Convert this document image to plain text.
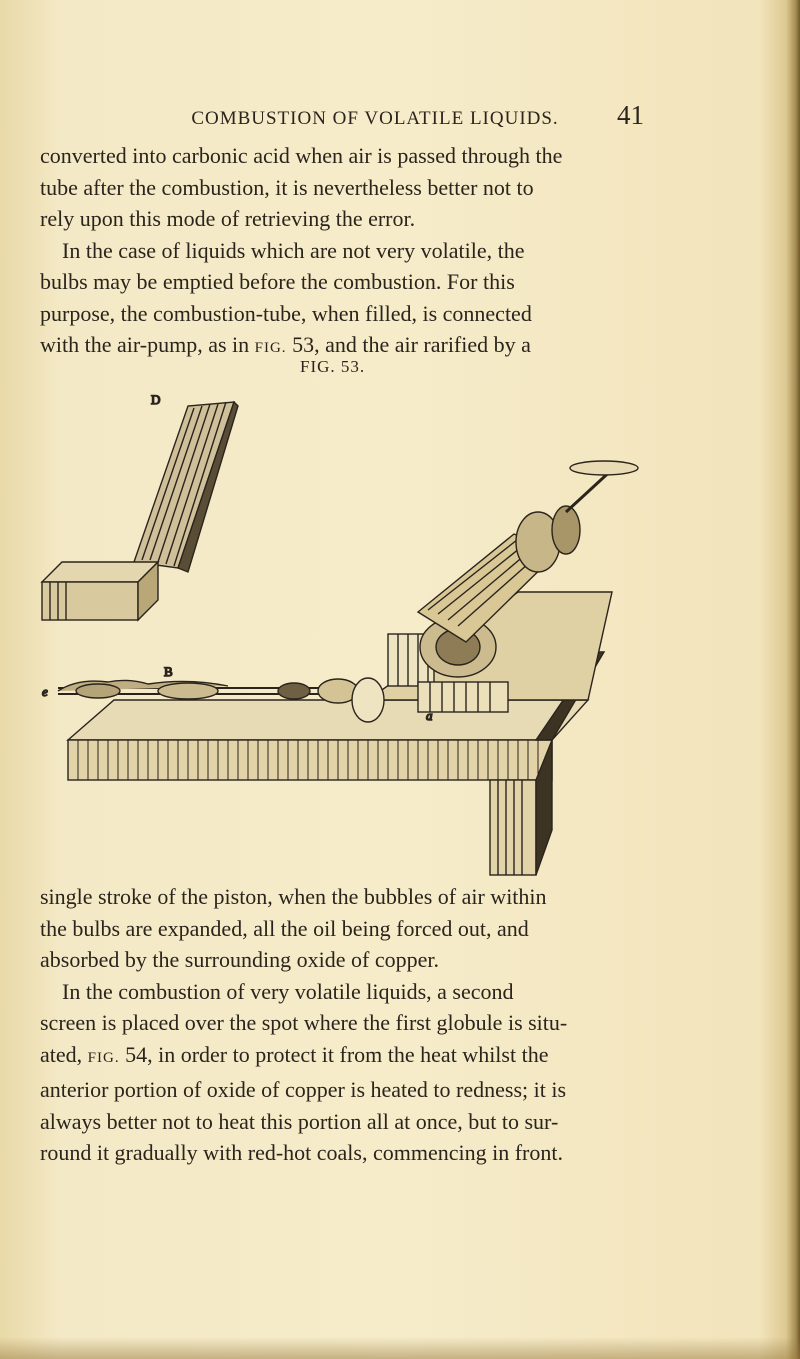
COMBUSTION OF VOLATILE LIQUIDS.	41

converted into carbonic acid when air is passed through the

tube after the combustion, it is nevertheless better not to

rely upon this mode of retrieving the error.

In the case of liquids which are not very volatile, the

bulbs may be emptied before the combustion. For this

purpose, the combustion-tube, when filled, is connected

with the air-pump, as in FIG. 53, and the air rarified by a

FIG. 53.
D
B
a
e

single stroke of the piston, when the bubbles of air within

the bulbs are expanded, all the oil being forced out, and

absorbed by the surrounding oxide of copper.

In the combustion of very volatile liquids, a second

screen is placed over the spot where the first globule is situ-

ated, FIG. 54, in order to protect it from the heat whilst the

anterior portion of oxide of copper is heated to redness; it is

always better not to heat this portion all at once, but to sur-

round it gradually with red-hot coals, commencing in front.
